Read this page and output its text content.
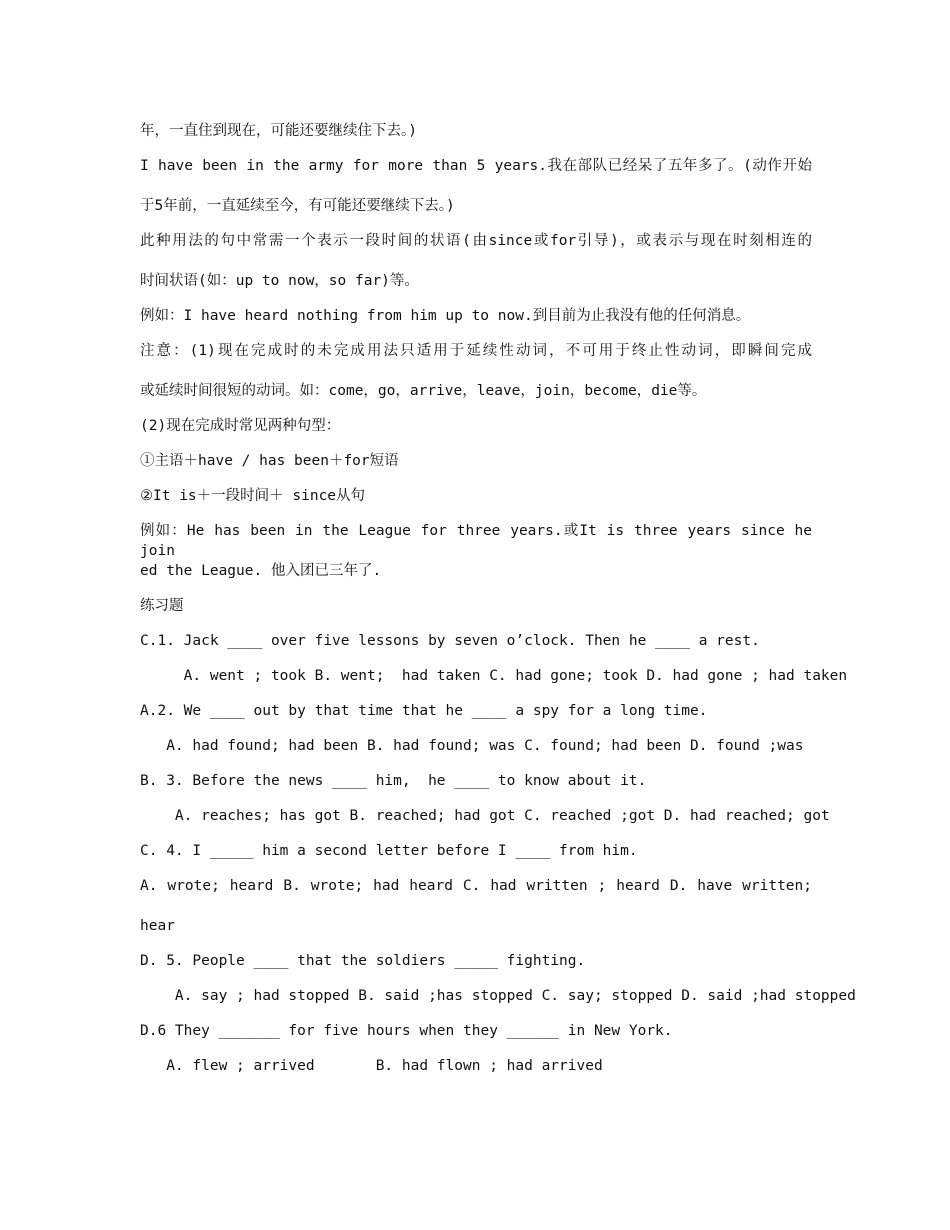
年，一直住到现在，可能还要继续住下去。)
I have been in the army for more than 5 years.我在部队已经呆了五年多了。(动作开始
于5年前，一直延续至今，有可能还要继续下去。)
此种用法的句中常需一个表示一段时间的状语(由since或for引导)，或表示与现在时刻相连的
时间状语(如：up to now，so far)等。
例如：I have heard nothing from him up to now.到目前为止我没有他的任何消息。
注意：(1)现在完成时的未完成用法只适用于延续性动词，不可用于终止性动词，即瞬间完成
或延续时间很短的动词。如：come，go，arrive，leave，join，become，die等。
(2)现在完成时常见两种句型：
①主语＋have / has been＋for短语
②It is＋一段时间＋ since从句
例如：He has been in the League for three years.或It is three years since he join
ed the League. 他入团已三年了.
练习题
C.1. Jack ____ over five lessons by seven o’clock. Then he ____ a rest.
A. went ; took B. went;  had taken C. had gone; took D. had gone ; had taken
A.2. We ____ out by that time that he ____ a spy for a long time.
A. had found; had been B. had found; was C. found; had been D. found ;was
B. 3. Before the news ____ him,  he ____ to know about it.
A. reaches; has got B. reached; had got C. reached ;got D. had reached; got
C. 4. I _____ him a second letter before I ____ from him.
A. wrote; heard B. wrote; had heard C. had written ; heard D. have written;
hear
D. 5. People ____ that the soldiers _____ fighting.
A. say ; had stopped B. said ;has stopped C. say; stopped D. said ;had stopped
D.6 They _______ for five hours when they ______ in New York.
A. flew ; arrived       B. had flown ; had arrived
